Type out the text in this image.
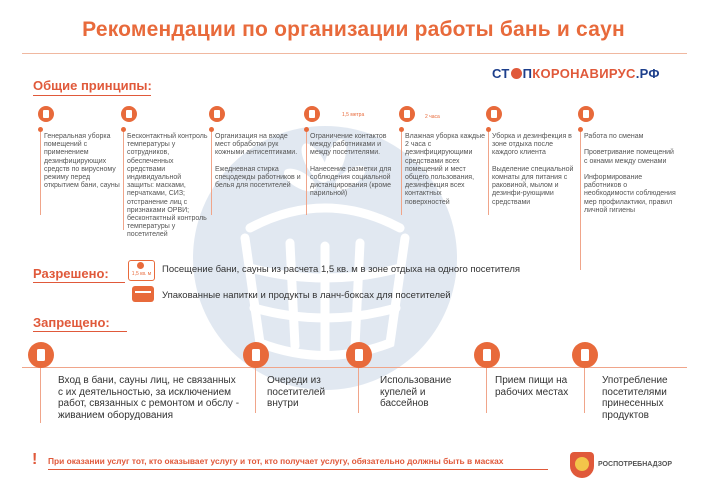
Рекомендации по организации работы бань и саун
СТ ПКОРОНАВИРУС.РФ
Общие принципы:
Генеральная уборка помещений с применением дезинфицирующих средств по вирусному режиму перед открытием бани, сауны
Бесконтактный контроль температуры у сотрудников, обеспеченных средствами индивидуальной защиты: масками, перчатками, СИЗ; отстранение лиц с признаками ОРВИ; бесконтактный контроль температуры у посетителей
Организация на входе мест обработки рук кожными антисептиками.

Ежедневная стирка спецодежды работников и белья для посетителей
Ограничение контактов между работниками и между посетителями.

Нанесение разметки для соблюдения социальной дистанцирования (кроме парильной)
Влажная уборка каждые 2 часа с дезинфицирующими средствами всех помещений и мест общего пользования, дезинфекция всех контактных поверхностей
Уборка и дезинфекция в зоне отдыха после каждого клиента

Выделение специальной комнаты для питания с раковиной, мылом и дезинфи-рующими средствами
Работа по сменам

Проветривание помещений с окнами между сменами

Информирование работников о необходимости соблюдения мер профилактики, правил личной гигиены
1,5 метра	2 часа
Разрешено:	1,5 кв. м Посещение бани, сауны из расчета 1,5 кв. м в зоне отдыха на одного посетителя
Упакованные напитки и продукты в ланч-боксах для посетителей
Запрещено:
Вход в бани, сауны лиц, не связанных с их деятельностью, за исключением работ, связанных с ремонтом и обслу - живанием оборудования
Очереди из посетителей внутри
Использование купелей и бассейнов
Прием пищи на рабочих местах
Употребление посетителями принесенных продуктов
! При оказании услуг тот, кто оказывает услугу и тот, кто получает услугу, обязательно должны быть в масках	РОСПОТРЕБНАДЗОР
